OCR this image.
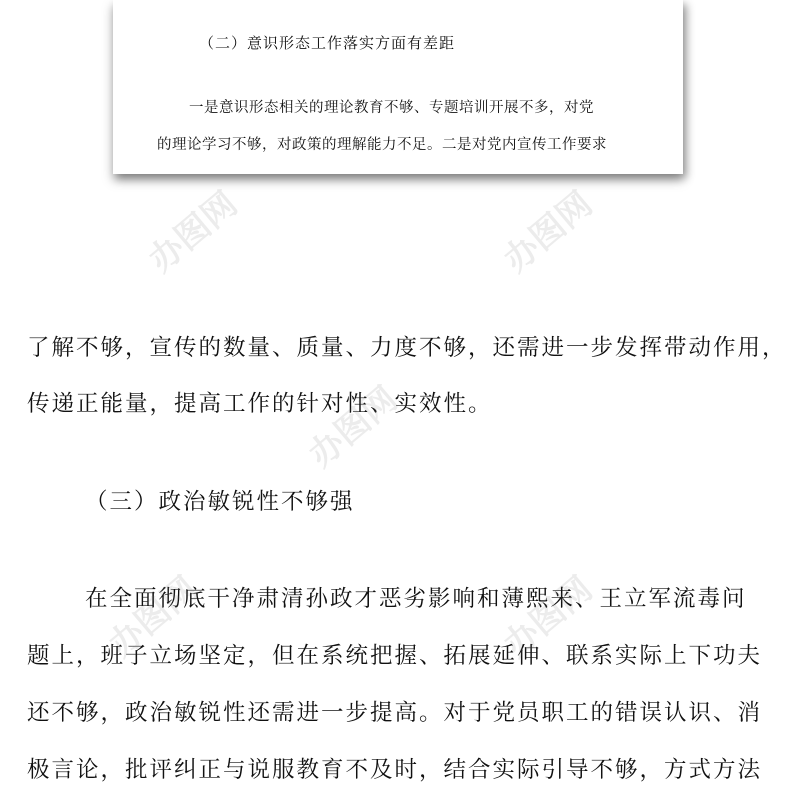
（二）意识形态工作落实方面有差距
一是意识形态相关的理论教育不够、专题培训开展不多，对党
的理论学习不够，对政策的理解能力不足。二是对党内宣传工作要求
了解不够，宣传的数量、质量、力度不够，还需进一步发挥带动作用，
传递正能量，提高工作的针对性、实效性。
（三）政治敏锐性不够强
在全面彻底干净肃清孙政才恶劣影响和薄熙来、王立军流毒问
题上，班子立场坚定，但在系统把握、拓展延伸、联系实际上下功夫
还不够，政治敏锐性还需进一步提高。对于党员职工的错误认识、消
极言论，批评纠正与说服教育不及时，结合实际引导不够，方式方法
办图网	办图网
办图网
办图网	办图网
